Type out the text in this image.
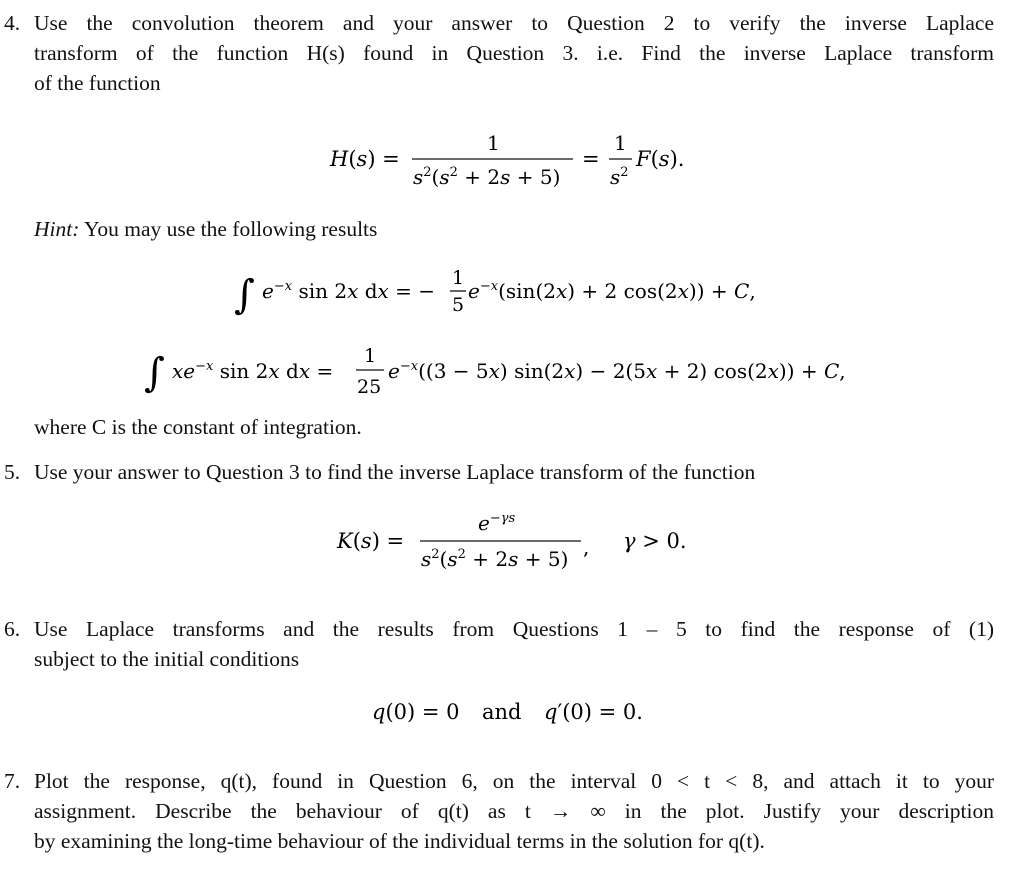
4. Use the convolution theorem and your answer to Question 2 to verify the inverse Laplace
transform of the function H(s) found in Question 3. i.e. Find the inverse Laplace transform
of the function
H(s) =
1
$s^2(s^2 + 2s + 5)$
=
1
$s^2$
F(s).
Hint: You may use the following results
∫ $e^{-x}$ sin 2x dx = −
1
5
$e^{-x}(\sin(2x) + 2$ cos(2x)) + C,
∫ $xe^{-x}$ sin 2x dx =
1
25
$e^{-x}((3 - 5x) \sin(2x) - 2(5x + 2) \cos(2x)) + C$,
where C is the constant of integration.
5. Use your answer to Question 3 to find the inverse Laplace transform of the function
K(s) =
$e^{-\gamma s}$
$s^2(s^2 + 2s + 5)$ , γ > 0.
6. Use Laplace transforms and the results from Questions 1 – 5 to find the response of (1)
subject to the initial conditions
q(0) = 0 and q′(0) = 0.
7. Plot the response, q(t), found in Question 6, on the interval 0 < t < 8, and attach it to your
assignment. Describe the behaviour of q(t) as t → ∞ in the plot. Justify your description
by examining the long-time behaviour of the individual terms in the solution for q(t).
